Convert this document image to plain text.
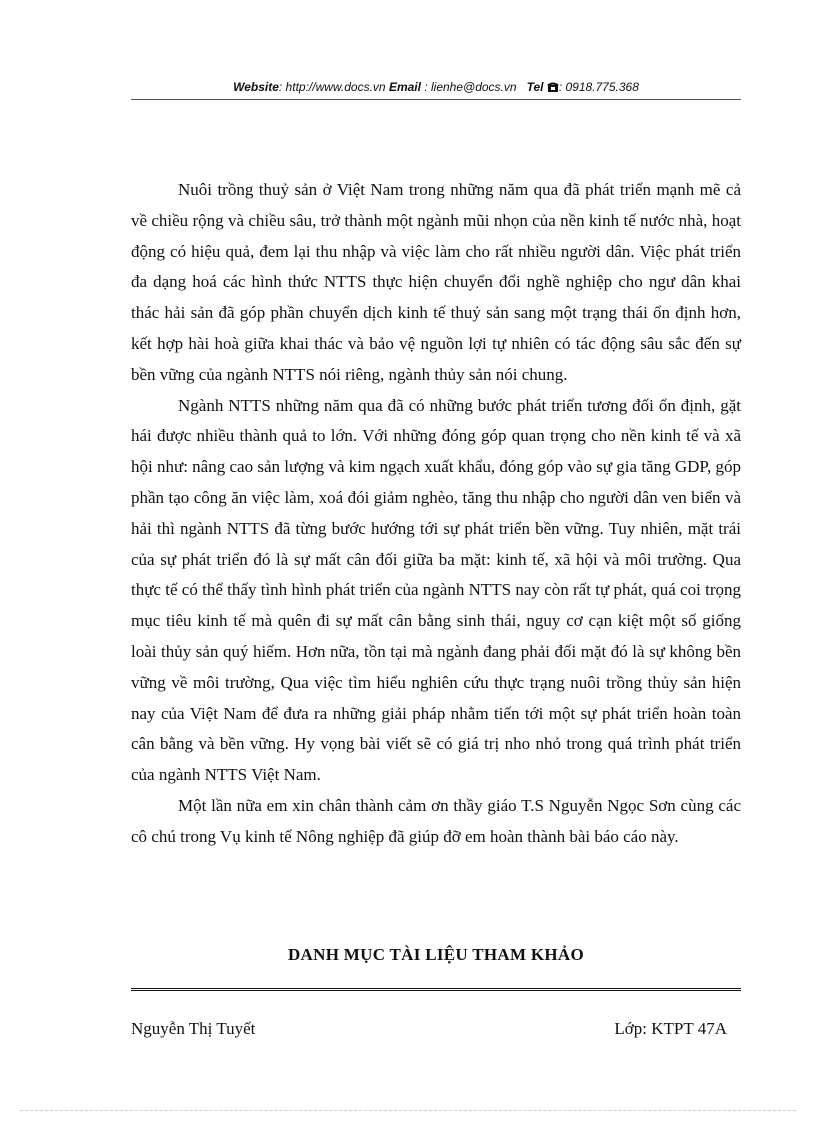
Website: http://www.docs.vn Email : lienhe@docs.vn Tel : 0918.775.368

Nuôi trồng thuỷ sản ở Việt Nam trong những năm qua đã phát triển mạnh mẽ cả về chiều rộng và chiều sâu, trở thành một ngành mũi nhọn của nền kinh tế nước nhà, hoạt động có hiệu quả, đem lại thu nhập và việc làm cho rất nhiều người dân. Việc phát triển đa dạng hoá các hình thức NTTS thực hiện chuyển đổi nghề nghiệp cho ngư dân khai thác hải sản đã góp phần chuyển dịch kinh tế thuỷ sản sang một trạng thái ổn định hơn, kết hợp hài hoà giữa khai thác và bảo vệ nguồn lợi tự nhiên có tác động sâu sắc đến sự bền vững của ngành NTTS nói riêng, ngành thủy sản nói chung.

Ngành NTTS những năm qua đã có những bước phát triển tương đối ổn định, gặt hái được nhiều thành quả to lớn. Với những đóng góp quan trọng cho nền kinh tế và xã hội như: nâng cao sản lượng và kim ngạch xuất khẩu, đóng góp vào sự gia tăng GDP, góp phần tạo công ăn việc làm, xoá đói giảm nghèo, tăng thu nhập cho người dân ven biển và hải thì ngành NTTS đã từng bước hướng tới sự phát triển bền vững. Tuy nhiên, mặt trái của sự phát triển đó là sự mất cân đối giữa ba mặt: kinh tế, xã hội và môi trường. Qua thực tế có thể thấy tình hình phát triển của ngành NTTS nay còn rất tự phát, quá coi trọng mục tiêu kinh tế mà quên đi sự mất cân bằng sinh thái, nguy cơ cạn kiệt một số giống loài thủy sản quý hiếm. Hơn nữa, tồn tại mà ngành đang phải đối mặt đó là sự không bền vững về môi trường, Qua việc tìm hiểu nghiên cứu thực trạng nuôi trồng thủy sản hiện nay của Việt Nam để đưa ra những giải pháp nhằm tiến tới một sự phát triển hoàn toàn cân bằng và bền vững. Hy vọng bài viết sẽ có giá trị nho nhỏ trong quá trình phát triển của ngành NTTS Việt Nam.

Một lần nữa em xin chân thành cảm ơn thầy giáo T.S Nguyễn Ngọc Sơn cùng các cô chú trong Vụ kinh tế Nông nghiệp đã giúp đỡ em hoàn thành bài báo cáo này.

DANH MỤC TÀI LIỆU THAM KHẢO
Nguyễn Thị Tuyết	Lớp: KTPT 47A
